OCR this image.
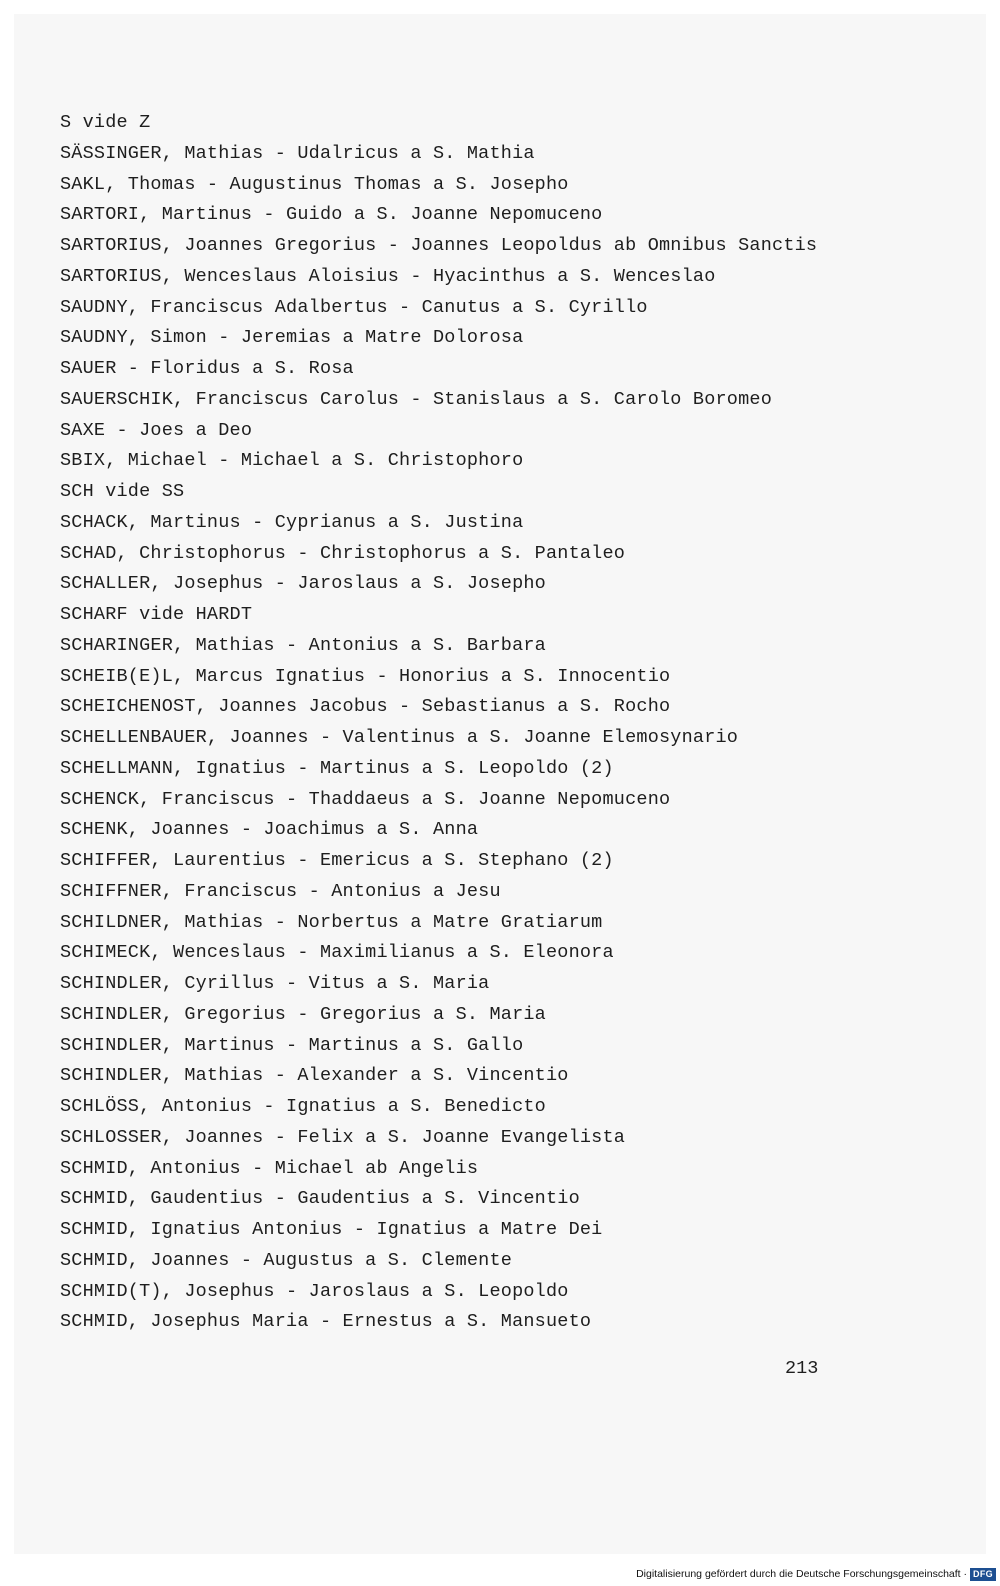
S vide Z
SÄSSINGER, Mathias - Udalricus a S. Mathia
SAKL, Thomas - Augustinus Thomas a S. Josepho
SARTORI, Martinus - Guido a S. Joanne Nepomuceno
SARTORIUS, Joannes Gregorius - Joannes Leopoldus ab Omnibus Sanctis
SARTORIUS, Wenceslaus Aloisius - Hyacinthus a S. Wenceslao
SAUDNY, Franciscus Adalbertus - Canutus a S. Cyrillo
SAUDNY, Simon - Jeremias a Matre Dolorosa
SAUER - Floridus a S. Rosa
SAUERSCHIK, Franciscus Carolus - Stanislaus a S. Carolo Boromeo
SAXE - Joes a Deo
SBIX, Michael - Michael a S. Christophoro
SCH vide SS
SCHACK, Martinus - Cyprianus a S. Justina
SCHAD, Christophorus - Christophorus a S. Pantaleo
SCHALLER, Josephus - Jaroslaus a S. Josepho
SCHARF vide HARDT
SCHARINGER, Mathias - Antonius a S. Barbara
SCHEIB(E)L, Marcus Ignatius - Honorius a S. Innocentio
SCHEICHENOST, Joannes Jacobus - Sebastianus a S. Rocho
SCHELLENBAUER, Joannes - Valentinus a S. Joanne Elemosynario
SCHELLMANN, Ignatius - Martinus a S. Leopoldo (2)
SCHENCK, Franciscus - Thaddaeus a S. Joanne Nepomuceno
SCHENK, Joannes - Joachimus a S. Anna
SCHIFFER, Laurentius - Emericus a S. Stephano (2)
SCHIFFNER, Franciscus - Antonius a Jesu
SCHILDNER, Mathias - Norbertus a Matre Gratiarum
SCHIMECK, Wenceslaus - Maximilianus a S. Eleonora
SCHINDLER, Cyrillus - Vitus a S. Maria
SCHINDLER, Gregorius - Gregorius a S. Maria
SCHINDLER, Martinus - Martinus a S. Gallo
SCHINDLER, Mathias - Alexander a S. Vincentio
SCHLÖSS, Antonius - Ignatius a S. Benedicto
SCHLOSSER, Joannes - Felix a S. Joanne Evangelista
SCHMID, Antonius - Michael ab Angelis
SCHMID, Gaudentius - Gaudentius a S. Vincentio
SCHMID, Ignatius Antonius - Ignatius a Matre Dei
SCHMID, Joannes - Augustus a S. Clemente
SCHMID(T), Josephus - Jaroslaus a S. Leopoldo
SCHMID, Josephus Maria - Ernestus a S. Mansueto
213
Digitalisierung gefördert durch die Deutsche Forschungsgemeinschaft · DFG
